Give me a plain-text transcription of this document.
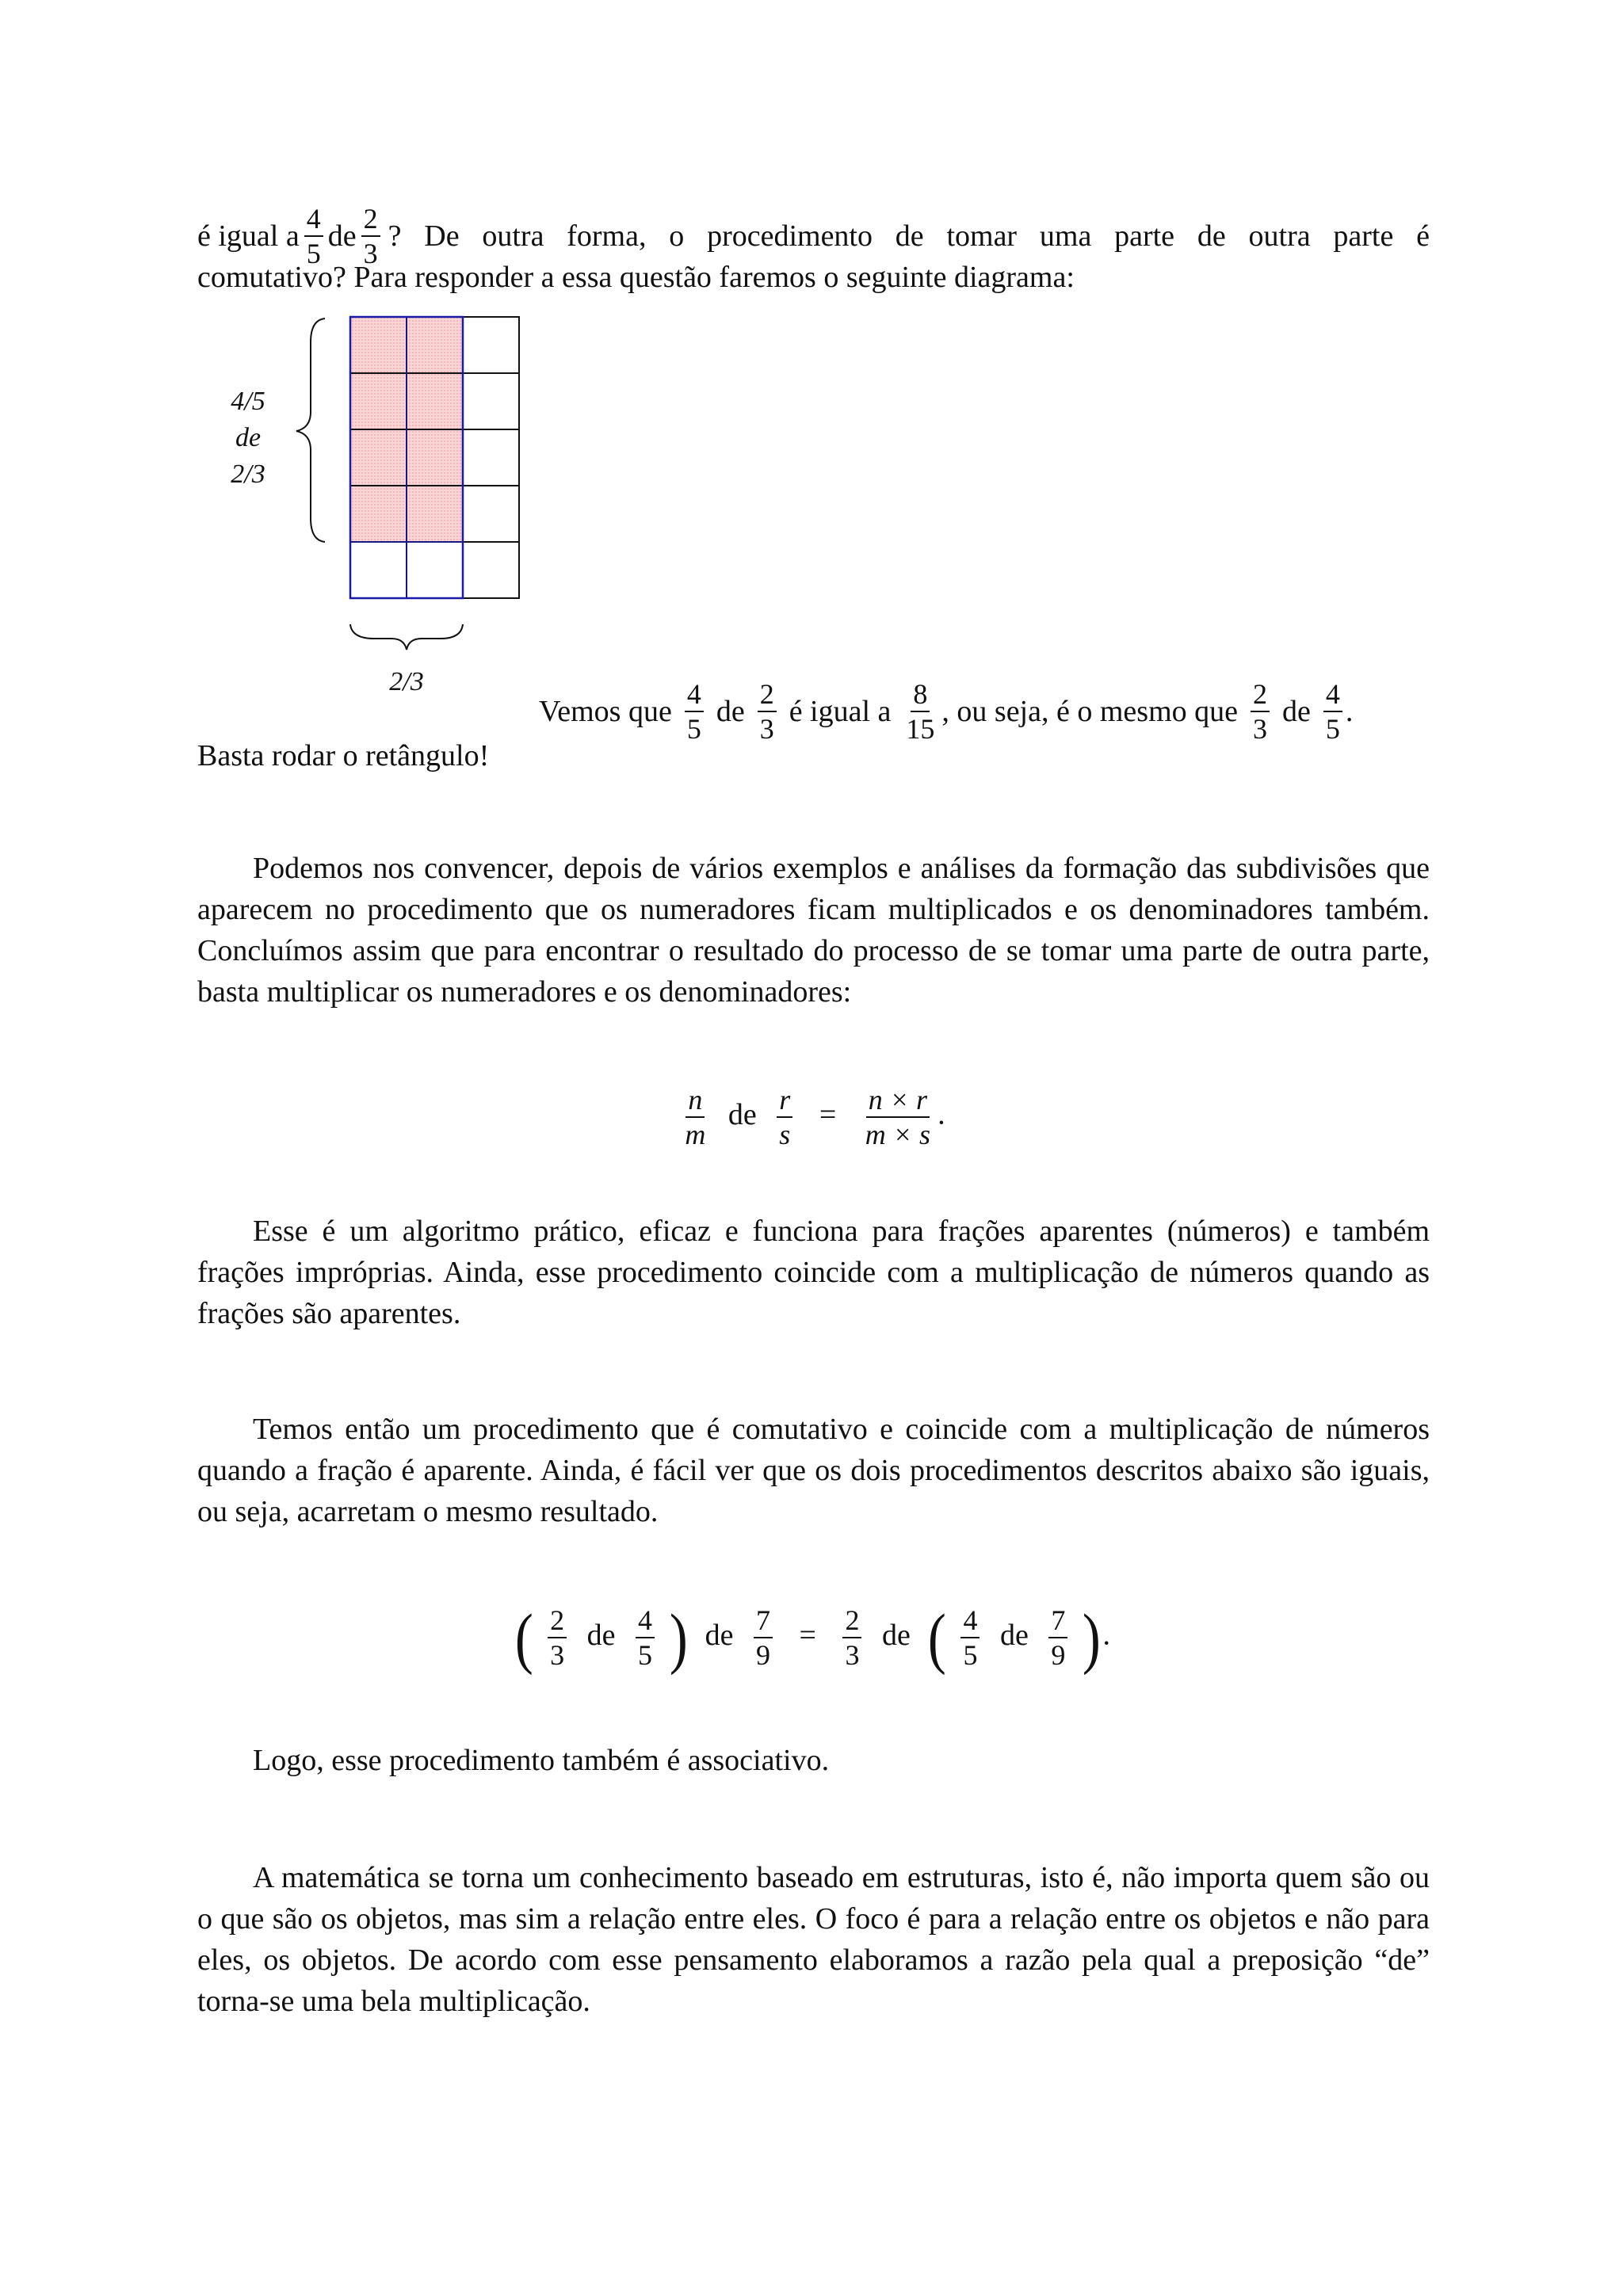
é igual a $\frac{4}{5}$ de $\frac{2}{3}$ ? De outra forma, o procedimento de tomar uma parte de outra parte é
comutativo? Para responder a essa questão faremos o seguinte diagrama:
4/5
de
2/3
2/3
Vemos que $\frac{4}{5}$ de $\frac{2}{3}$ é igual a $\frac{8}{15}$ , ou seja, é o mesmo que $\frac{2}{3}$ de $\frac{4}{5}$ .
Basta rodar o retângulo!
Podemos nos convencer, depois de vários exemplos e análises da formação das subdivisões que aparecem no procedimento que os numeradores ficam multiplicados e os denominadores também. Concluímos assim que para encontrar o resultado do processo de se tomar uma parte de outra parte, basta multiplicar os numeradores e os denominadores:
$\frac{n}{m}$ de $\frac{r}{s} = \frac{n \times r}{m \times s}$ .
Esse é um algoritmo prático, eficaz e funciona para frações aparentes (números) e também frações impróprias. Ainda, esse procedimento coincide com a multiplicação de números quando as frações são aparentes.
Temos então um procedimento que é comutativo e coincide com a multiplicação de números quando a fração é aparente. Ainda, é fácil ver que os dois procedimentos descritos abaixo são iguais, ou seja, acarretam o mesmo resultado.
( $\frac{2}{3}$ de $\frac{4}{5}$ ) de $\frac{7}{9} = \frac{2}{3}$ de ( $\frac{4}{5}$ de $\frac{7}{9}$ ).
Logo, esse procedimento também é associativo.
A matemática se torna um conhecimento baseado em estruturas, isto é, não importa quem são ou o que são os objetos, mas sim a relação entre eles. O foco é para a relação entre os objetos e não para eles, os objetos. De acordo com esse pensamento elaboramos a razão pela qual a preposição “de” torna-se uma bela multiplicação.
